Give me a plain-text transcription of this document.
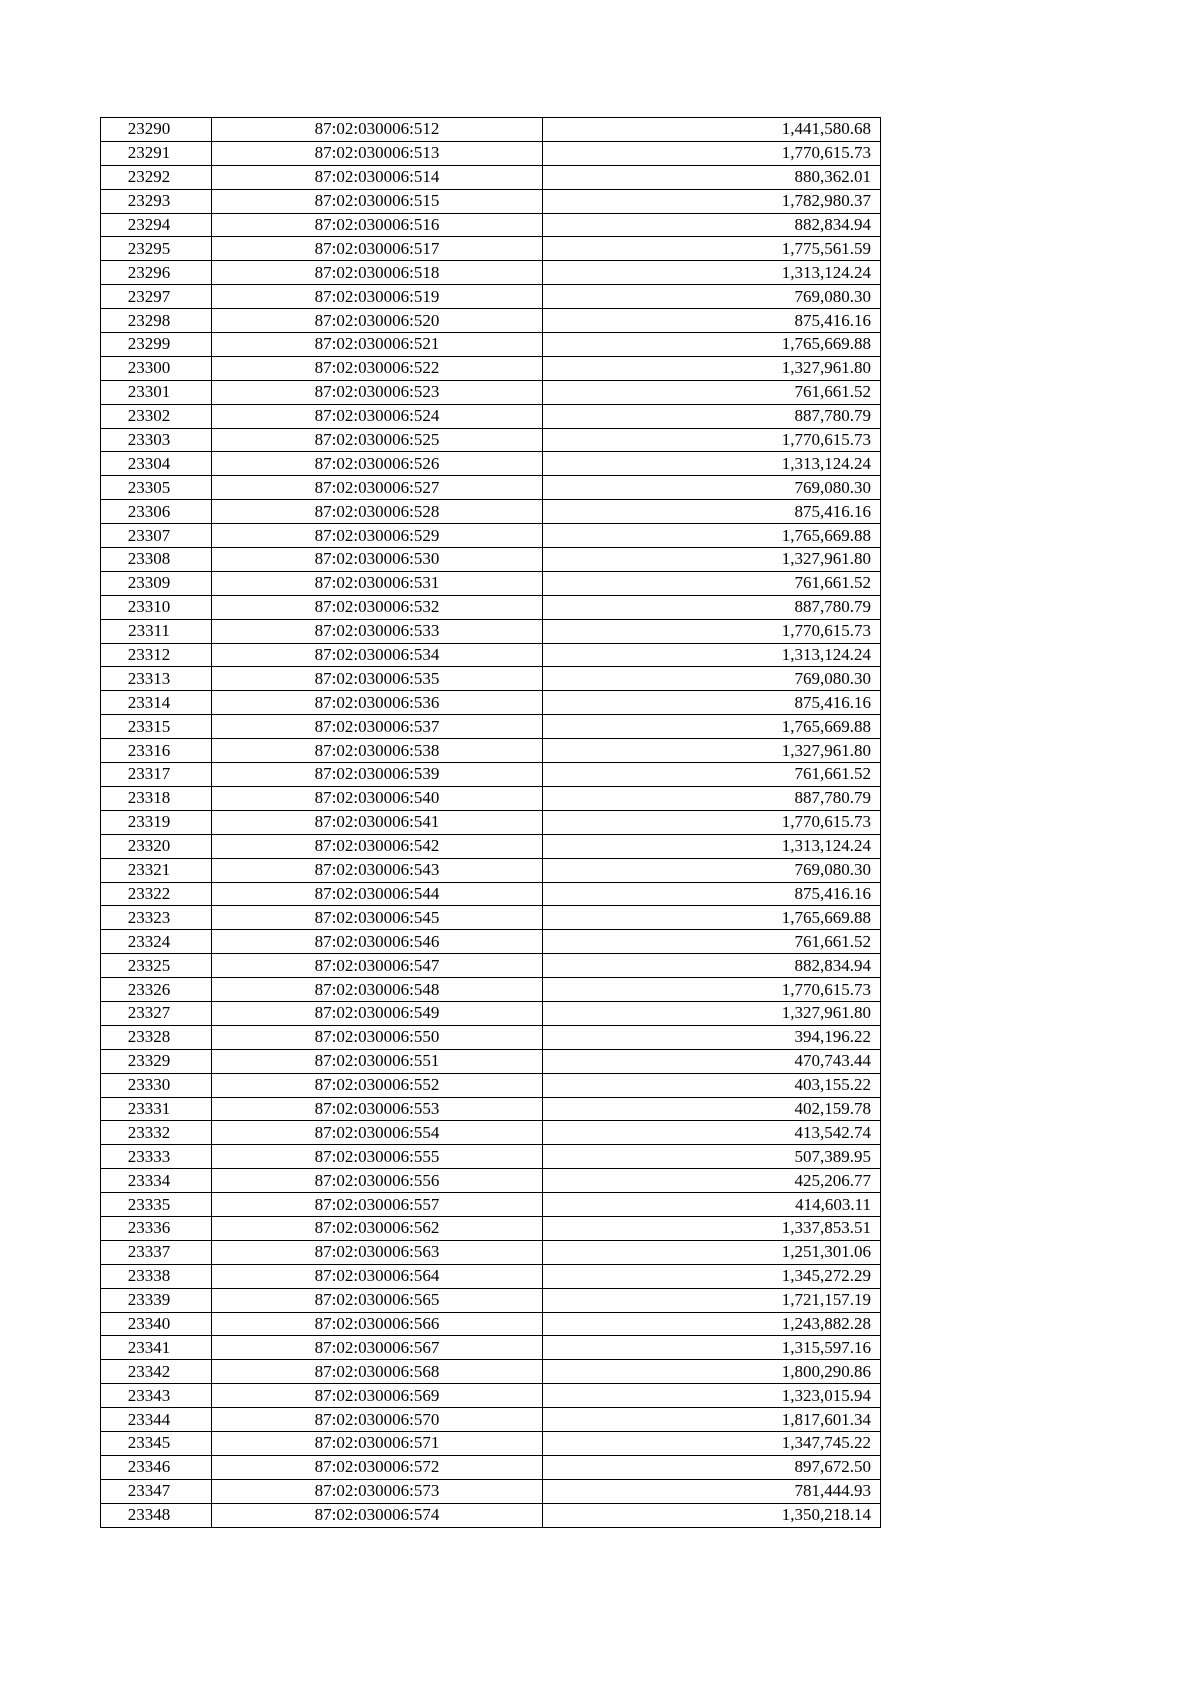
23290	87:02:030006:512	1,441,580.68
23291	87:02:030006:513	1,770,615.73
23292	87:02:030006:514	880,362.01
23293	87:02:030006:515	1,782,980.37
23294	87:02:030006:516	882,834.94
23295	87:02:030006:517	1,775,561.59
23296	87:02:030006:518	1,313,124.24
23297	87:02:030006:519	769,080.30
23298	87:02:030006:520	875,416.16
23299	87:02:030006:521	1,765,669.88
23300	87:02:030006:522	1,327,961.80
23301	87:02:030006:523	761,661.52
23302	87:02:030006:524	887,780.79
23303	87:02:030006:525	1,770,615.73
23304	87:02:030006:526	1,313,124.24
23305	87:02:030006:527	769,080.30
23306	87:02:030006:528	875,416.16
23307	87:02:030006:529	1,765,669.88
23308	87:02:030006:530	1,327,961.80
23309	87:02:030006:531	761,661.52
23310	87:02:030006:532	887,780.79
23311	87:02:030006:533	1,770,615.73
23312	87:02:030006:534	1,313,124.24
23313	87:02:030006:535	769,080.30
23314	87:02:030006:536	875,416.16
23315	87:02:030006:537	1,765,669.88
23316	87:02:030006:538	1,327,961.80
23317	87:02:030006:539	761,661.52
23318	87:02:030006:540	887,780.79
23319	87:02:030006:541	1,770,615.73
23320	87:02:030006:542	1,313,124.24
23321	87:02:030006:543	769,080.30
23322	87:02:030006:544	875,416.16
23323	87:02:030006:545	1,765,669.88
23324	87:02:030006:546	761,661.52
23325	87:02:030006:547	882,834.94
23326	87:02:030006:548	1,770,615.73
23327	87:02:030006:549	1,327,961.80
23328	87:02:030006:550	394,196.22
23329	87:02:030006:551	470,743.44
23330	87:02:030006:552	403,155.22
23331	87:02:030006:553	402,159.78
23332	87:02:030006:554	413,542.74
23333	87:02:030006:555	507,389.95
23334	87:02:030006:556	425,206.77
23335	87:02:030006:557	414,603.11
23336	87:02:030006:562	1,337,853.51
23337	87:02:030006:563	1,251,301.06
23338	87:02:030006:564	1,345,272.29
23339	87:02:030006:565	1,721,157.19
23340	87:02:030006:566	1,243,882.28
23341	87:02:030006:567	1,315,597.16
23342	87:02:030006:568	1,800,290.86
23343	87:02:030006:569	1,323,015.94
23344	87:02:030006:570	1,817,601.34
23345	87:02:030006:571	1,347,745.22
23346	87:02:030006:572	897,672.50
23347	87:02:030006:573	781,444.93
23348	87:02:030006:574	1,350,218.14
